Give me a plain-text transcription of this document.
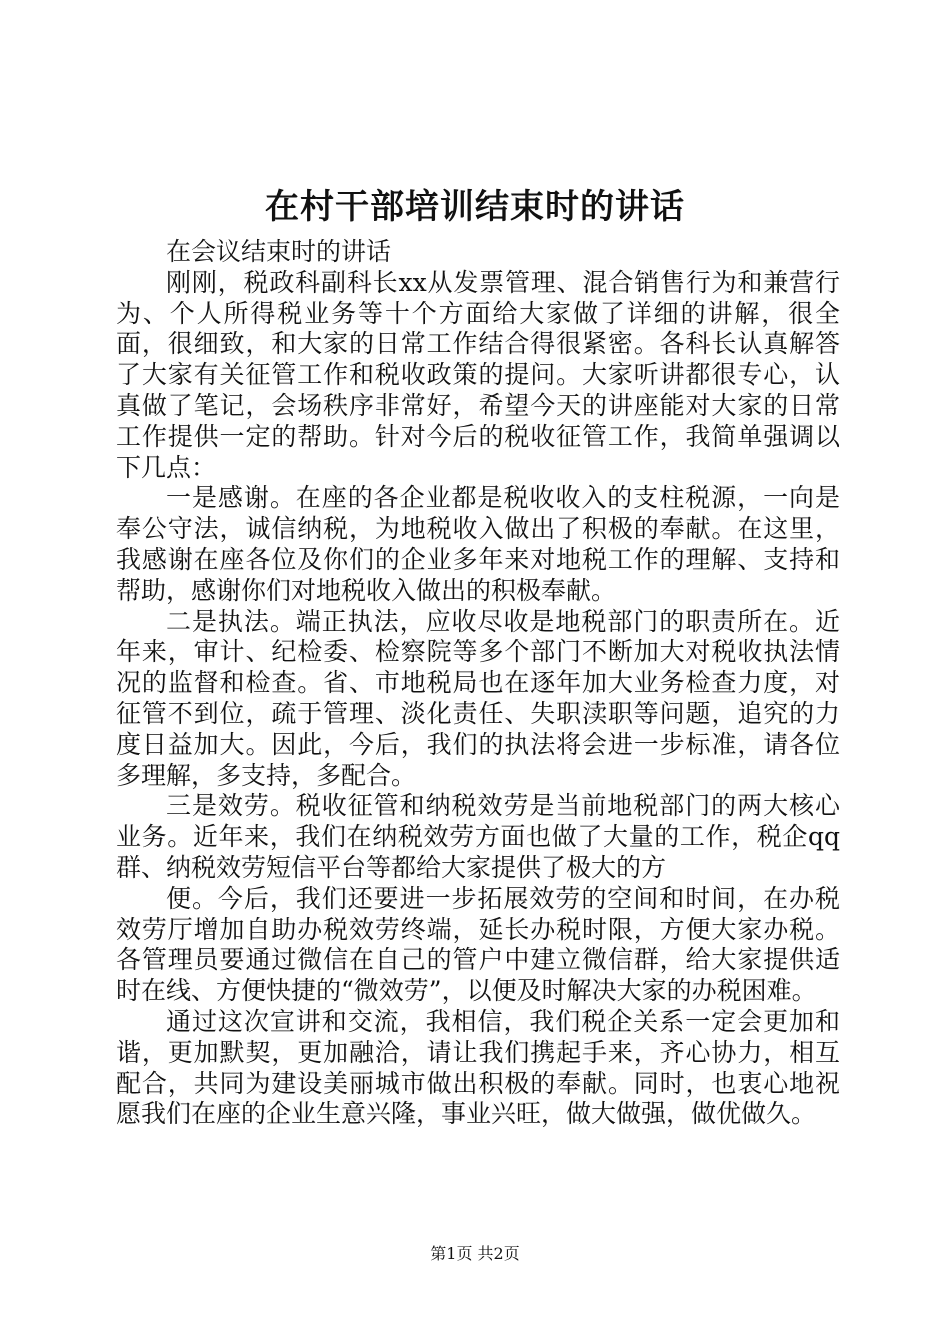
在村干部培训结束时的讲话

在会议结束时的讲话

刚刚，税政科副科长xx从发票管理、混合销售行为和兼营行为、个人所得税业务等十个方面给大家做了详细的讲解，很全面，很细致，和大家的日常工作结合得很紧密。各科长认真解答了大家有关征管工作和税收政策的提问。大家听讲都很专心，认真做了笔记，会场秩序非常好，希望今天的讲座能对大家的日常工作提供一定的帮助。针对今后的税收征管工作，我简单强调以下几点：

一是感谢。在座的各企业都是税收收入的支柱税源，一向是奉公守法，诚信纳税，为地税收入做出了积极的奉献。在这里，我感谢在座各位及你们的企业多年来对地税工作的理解、支持和帮助，感谢你们对地税收入做出的积极奉献。

二是执法。端正执法，应收尽收是地税部门的职责所在。近年来，审计、纪检委、检察院等多个部门不断加大对税收执法情况的监督和检查。省、市地税局也在逐年加大业务检查力度，对征管不到位，疏于管理、淡化责任、失职渎职等问题，追究的力度日益加大。因此，今后，我们的执法将会进一步标准，请各位多理解，多支持，多配合。

三是效劳。税收征管和纳税效劳是当前地税部门的两大核心业务。近年来，我们在纳税效劳方面也做了大量的工作，税企qq群、纳税效劳短信平台等都给大家提供了极大的方

便。今后，我们还要进一步拓展效劳的空间和时间，在办税效劳厅增加自助办税效劳终端，延长办税时限，方便大家办税。各管理员要通过微信在自己的管户中建立微信群，给大家提供适时在线、方便快捷的“微效劳”，以便及时解决大家的办税困难。

通过这次宣讲和交流，我相信，我们税企关系一定会更加和谐，更加默契，更加融洽，请让我们携起手来，齐心协力，相互配合，共同为建设美丽城市做出积极的奉献。同时，也衷心地祝愿我们在座的企业生意兴隆，事业兴旺，做大做强，做优做久。

第1页 共2页
